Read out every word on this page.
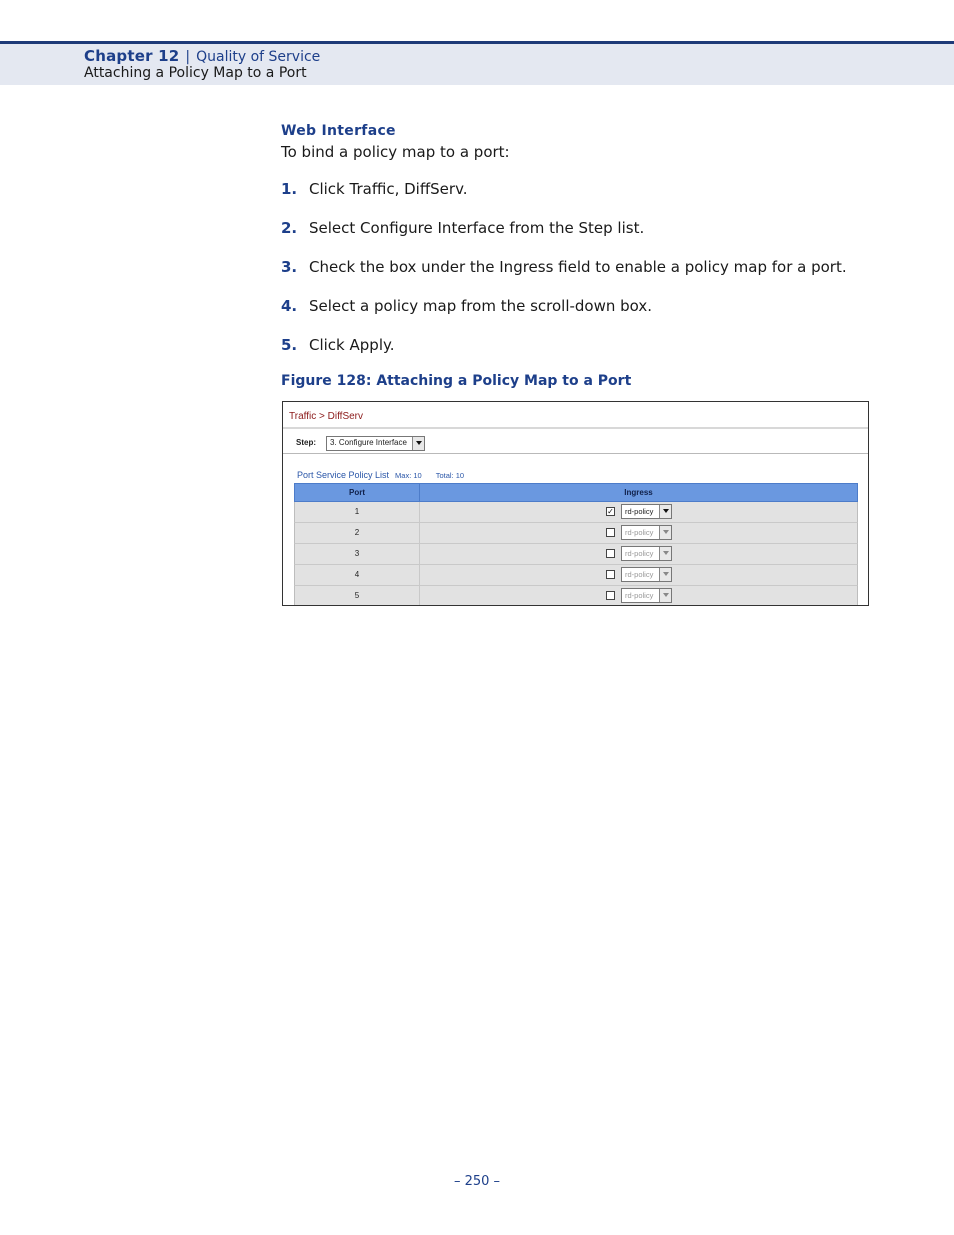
Chapter 12 | Quality of Service
Attaching a Policy Map to a Port
Web Interface
To bind a policy map to a port:
1. Click Traffic, DiffServ.
2. Select Configure Interface from the Step list.
3. Check the box under the Ingress field to enable a policy map for a port.
4. Select a policy map from the scroll-down box.
5. Click Apply.
Figure 128: Attaching a Policy Map to a Port
Traffic > DiffServ
Step: 3. Configure Interface
Port Service Policy List Max: 10 Total: 10
Port	Ingress
1	✓ rd-policy
2	rd-policy
3	rd-policy
4	rd-policy
5	rd-policy
– 250 –
